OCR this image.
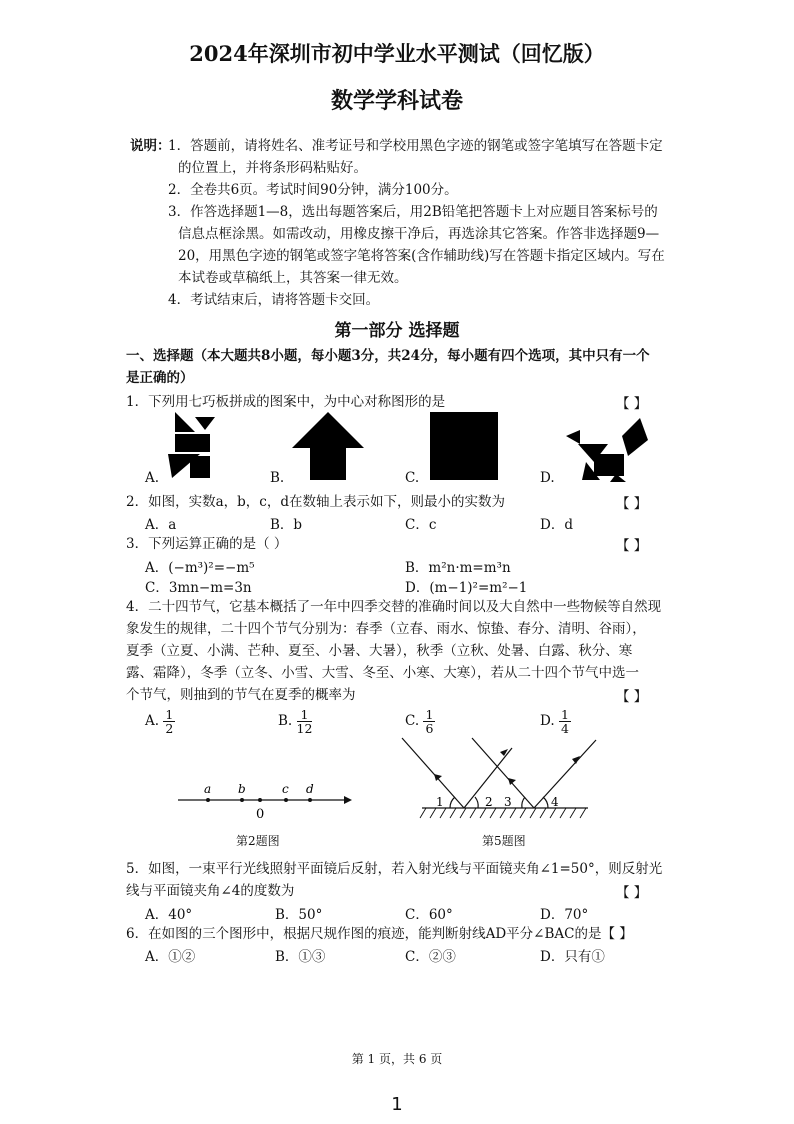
2024年深圳市初中学业水平测试（回忆版）
数学学科试卷
说明：
1．答题前，请将姓名、准考证号和学校用黑色字迹的钢笔或签字笔填写在答题卡定
的位置上，并将条形码粘贴好。
2．全卷共6页。考试时间90分钟，满分100分。
3．作答选择题1—8，选出每题答案后，用2B铅笔把答题卡上对应题目答案标号的
信息点框涂黑。如需改动，用橡皮擦干净后，再选涂其它答案。作答非选择题9—
20，用黑色字迹的钢笔或签字笔将答案(含作辅助线)写在答题卡指定区域内。写在
本试卷或草稿纸上，其答案一律无效。
4．考试结束后，请将答题卡交回。
第一部分 选择题
一、选择题（本大题共8小题，每小题3分，共24分，每小题有四个选项，其中只有一个
是正确的）
1．下列用七巧板拼成的图案中，为中心对称图形的是	【 】
A.	B.	C.	D.
2．如图，实数a，b，c，d在数轴上表示如下，则最小的实数为	【 】
A．a	B．b	C．c	D．d
3．下列运算正确的是（ ）	【 】
A．(−m³)²=−m⁵	B．m²n·m=m³n
C．3mn−m=3n	D．(m−1)²=m²−1
4．二十四节气，它基本概括了一年中四季交替的准确时间以及大自然中一些物候等自然现
象发生的规律，二十四个节气分别为：春季（立春、雨水、惊蛰、春分、清明、谷雨），
夏季（立夏、小满、芒种、夏至、小暑、大暑），秋季（立秋、处暑、白露、秋分、寒
露、霜降），冬季（立冬、小雪、大雪、冬至、小寒、大寒），若从二十四个节气中选一
个节气，则抽到的节气在夏季的概率为	【 】
A. $\frac{1}{2}$	B. $\frac{1}{12}$	C. $\frac{1}{6}$	D. $\frac{1}{4}$
a b	c d
0
第2题图
1	2 3	4
第5题图
5．如图，一束平行光线照射平面镜后反射，若入射光线与平面镜夹角∠1=50°，则反射光
线与平面镜夹角∠4的度数为	【 】
A．40°	B．50°	C．60°	D．70°
6．在如图的三个图形中，根据尺规作图的痕迹，能判断射线AD平分∠BAC的是【 】
A．①②	B．①③	C．②③	D．只有①
第 1 页，共 6 页
1
